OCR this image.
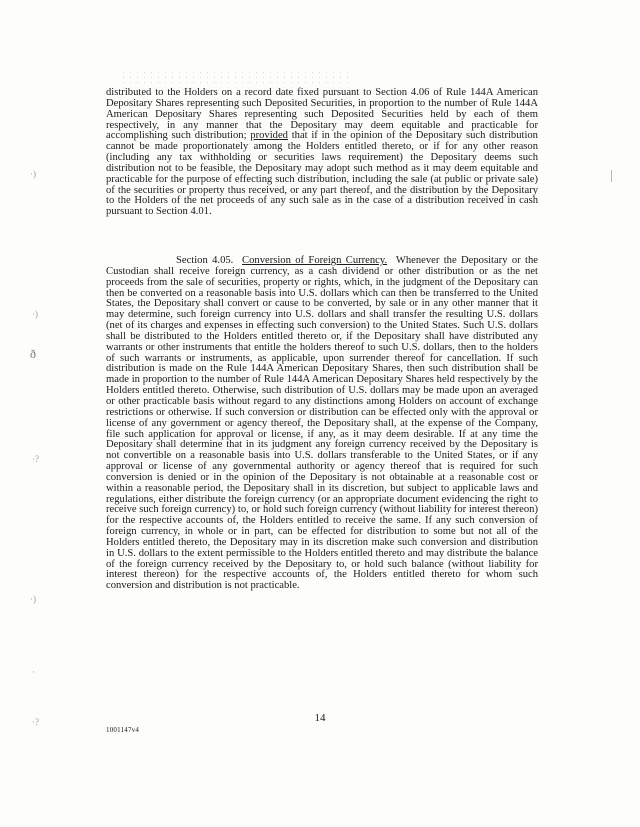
·)
·)
ð
·?
·)
·
·?

distributed to the Holders on a record date fixed pursuant to Section 4.06 of Rule 144A American Depositary Shares representing such Deposited Securities, in proportion to the number of Rule 144A American Depositary Shares representing such Deposited Securities held by each of them respectively, in any manner that the Depositary may deem equitable and practicable for accomplishing such distribution; provided that if in the opinion of the Depositary such distribution cannot be made proportionately among the Holders entitled thereto, or if for any other reason (including any tax withholding or securities laws requirement) the Depositary deems such distribution not to be feasible, the Depositary may adopt such method as it may deem equitable and practicable for the purpose of effecting such distribution, including the sale (at public or private sale) of the securities or property thus received, or any part thereof, and the distribution by the Depositary to the Holders of the net proceeds of any such sale as in the case of a distribution received in cash pursuant to Section 4.01.

Section 4.05. Conversion of Foreign Currency. Whenever the Depositary or the Custodian shall receive foreign currency, as a cash dividend or other distribution or as the net proceeds from the sale of securities, property or rights, which, in the judgment of the Depositary can then be converted on a reasonable basis into U.S. dollars which can then be transferred to the United States, the Depositary shall convert or cause to be converted, by sale or in any other manner that it may determine, such foreign currency into U.S. dollars and shall transfer the resulting U.S. dollars (net of its charges and expenses in effecting such conversion) to the United States. Such U.S. dollars shall be distributed to the Holders entitled thereto or, if the Depositary shall have distributed any warrants or other instruments that entitle the holders thereof to such U.S. dollars, then to the holders of such warrants or instruments, as applicable, upon surrender thereof for cancellation. If such distribution is made on the Rule 144A American Depositary Shares, then such distribution shall be made in proportion to the number of Rule 144A American Depositary Shares held respectively by the Holders entitled thereto. Otherwise, such distribution of U.S. dollars may be made upon an averaged or other practicable basis without regard to any distinctions among Holders on account of exchange restrictions or otherwise. If such conversion or distribution can be effected only with the approval or license of any government or agency thereof, the Depositary shall, at the expense of the Company, file such application for approval or license, if any, as it may deem desirable. If at any time the Depositary shall determine that in its judgment any foreign currency received by the Depositary is not convertible on a reasonable basis into U.S. dollars transferable to the United States, or if any approval or license of any governmental authority or agency thereof that is required for such conversion is denied or in the opinion of the Depositary is not obtainable at a reasonable cost or within a reasonable period, the Depositary shall in its discretion, but subject to applicable laws and regulations, either distribute the foreign currency (or an appropriate document evidencing the right to receive such foreign currency) to, or hold such foreign currency (without liability for interest thereon) for the respective accounts of, the Holders entitled to receive the same. If any such conversion of foreign currency, in whole or in part, can be effected for distribution to some but not all of the Holders entitled thereto, the Depositary may in its discretion make such conversion and distribution in U.S. dollars to the extent permissible to the Holders entitled thereto and may distribute the balance of the foreign currency received by the Depositary to, or hold such balance (without liability for interest thereon) for the respective accounts of, the Holders entitled thereto for whom such conversion and distribution is not practicable.

14
1001147v4
